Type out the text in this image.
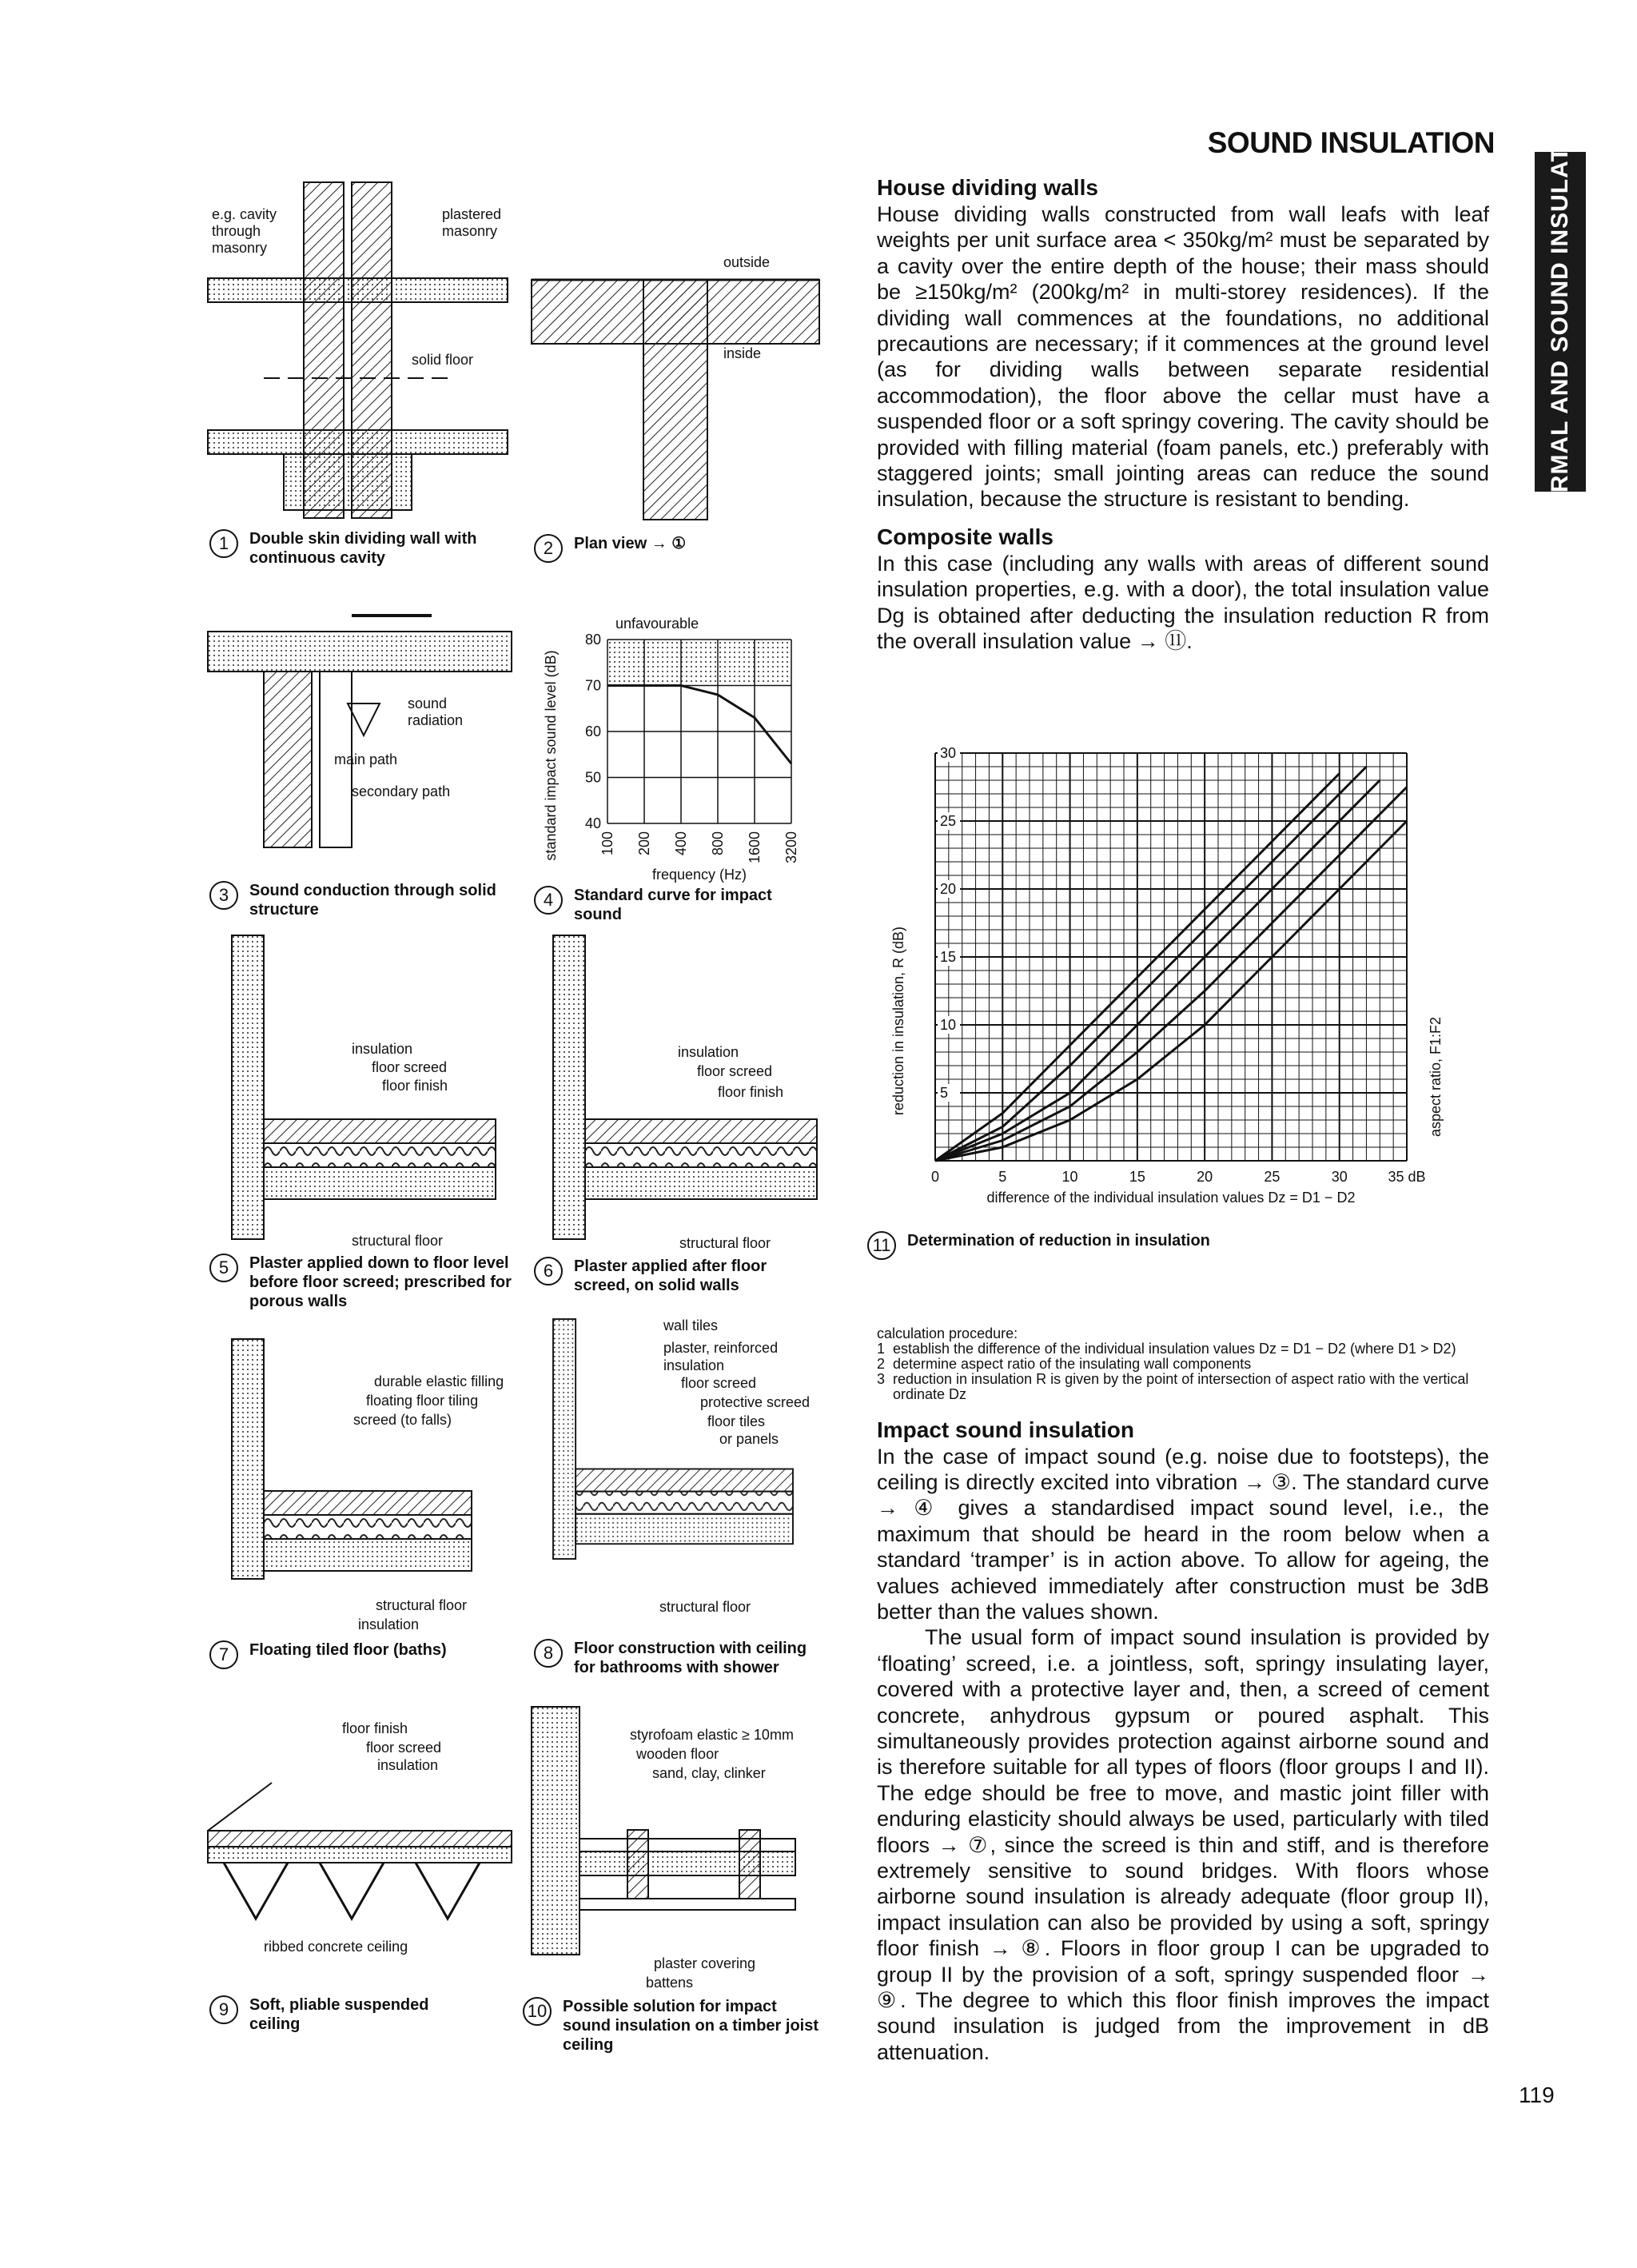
SOUND INSULATION THERMAL AND SOUND INSULATION
e.g. cavity through masonry
plastered masonry
solid floor
outside
inside
1	Double skin dividing wall with continuous cavity	2	Plan view → ①
sound radiation
main path
secondary path
40
50
60
70
80
100 200 400 800 1600 3200
unfavourable
frequency (Hz)
standard impact sound level (dB)
3	Sound conduction through solid structure	4	Standard curve for impact sound
insulation
floor screed
floor finish
structural floor
insulation
floor screed
floor finish
structural floor
5	Plaster applied down to floor level before floor screed; prescribed for porous walls
6	Plaster applied after floor screed, on solid walls
durable elastic filling
floating floor tiling
screed (to falls)
structural floor
insulation
wall tiles
plaster, reinforced
insulation
floor screed
protective screed
floor tiles
or panels
structural floor
7	Floating tiled floor (baths)	8	Floor construction with ceiling for bathrooms with shower
floor finish
floor screed
insulation
ribbed concrete ceiling
styrofoam elastic ≥ 10mm
wooden floor
sand, clay, clinker
plaster covering
battens
9	Soft, pliable suspended ceiling
10 Possible solution for impact sound insulation on a timber joist ceiling
House dividing walls

House dividing walls constructed from wall leafs with leaf weights per unit surface area < 350kg/m² must be separated by a cavity over the entire depth of the house; their mass should be ≥150kg/m² (200kg/m² in multi-storey residences). If the dividing wall commences at the foundations, no additional precautions are necessary; if it commences at the ground level (as for dividing walls between separate residential accommodation), the floor above the cellar must have a suspended floor or a soft springy covering. The cavity should be provided with filling material (foam panels, etc.) preferably with staggered joints; small jointing areas can reduce the sound insulation, because the structure is resistant to bending.

Composite walls

In this case (including any walls with areas of different sound insulation properties, e.g. with a door), the total insulation value Dg is obtained after deducting the insulation reduction R from the overall insulation value → ⑪.

calculation procedure:
1 establish the difference of the individual insulation values Dz = D1 − D2 (where D1 > D2)
2 determine aspect ratio of the insulating wall components
3 reduction in insulation R is given by the point of intersection of aspect ratio with the vertical ordinate Dz
Impact sound insulation

In the case of impact sound (e.g. noise due to footsteps), the ceiling is directly excited into vibration → ③. The standard curve → ④ gives a standardised impact sound level, i.e., the maximum that should be heard in the room below when a standard ‘tramper’ is in action above. To allow for ageing, the values achieved immediately after construction must be 3dB better than the values shown.

The usual form of impact sound insulation is provided by ‘floating’ screed, i.e. a jointless, soft, springy insulating layer, covered with a protective layer and, then, a screed of cement concrete, anhydrous gypsum or poured asphalt. This simultaneously provides protection against airborne sound and is therefore suitable for all types of floors (floor groups I and II). The edge should be free to move, and mastic joint filler with enduring elasticity should always be used, particularly with tiled floors → ⑦, since the screed is thin and stiff, and is therefore extremely sensitive to sound bridges. With floors whose airborne sound insulation is already adequate (floor group II), impact insulation can also be provided by using a soft, springy floor finish → ⑧. Floors in floor group I can be upgraded to group II by the provision of a soft, springy suspended floor → ⑨. The degree to which this floor finish improves the impact sound insulation is judged from the improvement in dB attenuation.

5
10
15
20
25
30
0	5	10	15	20	25	30	35 dB
difference of the individual insulation values Dz = D1 − D2
reduction in insulation, R (dB)	aspect ratio, F1:F2
11	Determination of reduction in insulation
119
